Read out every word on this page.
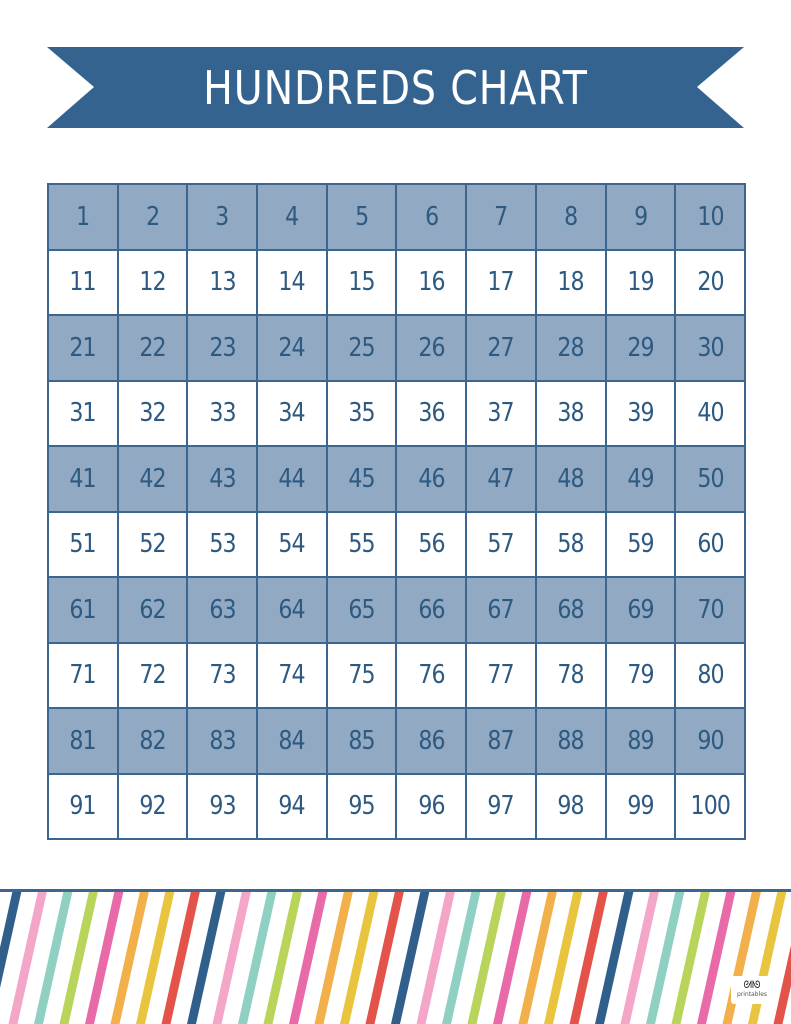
HUNDREDS CHART
1 2 3 4 5 6 7 8 9 10
11 12 13 14 15 16 17 18 19 20
21 22 23 24 25 26 27 28 29 30
31 32 33 34 35 36 37 38 39 40
41 42 43 44 45 46 47 48 49 50
51 52 53 54 55 56 57 58 59 60
61 62 63 64 65 66 67 68 69 70
71 72 73 74 75 76 77 78 79 80
81 82 83 84 85 86 87 88 89 90
91 92 93 94 95 96 97 98 99 100
ᘛᘚ
printables
